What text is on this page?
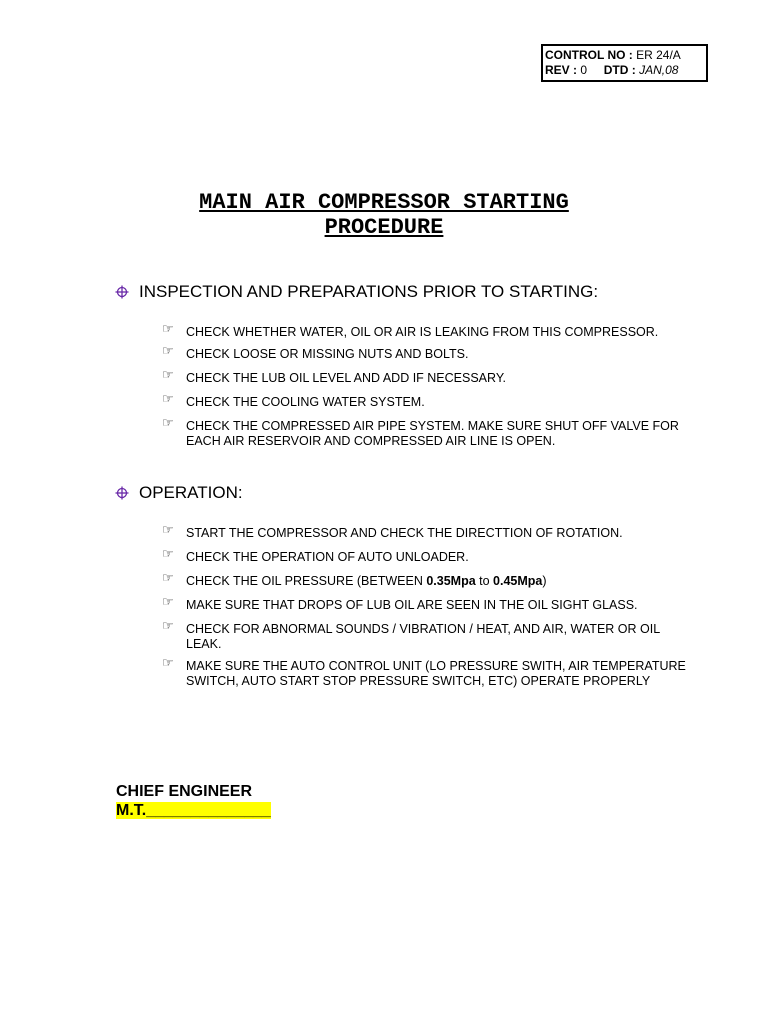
CONTROL NO : ER 24/A
REV : 0 DTD : JAN,08
MAIN AIR COMPRESSOR STARTING
PROCEDURE
INSPECTION AND PREPARATIONS PRIOR TO STARTING:
☞ CHECK WHETHER WATER, OIL OR AIR IS LEAKING FROM THIS COMPRESSOR.
☞ CHECK LOOSE OR MISSING NUTS AND BOLTS.
☞ CHECK THE LUB OIL LEVEL AND ADD IF NECESSARY.
☞ CHECK THE COOLING WATER SYSTEM.
☞ CHECK THE COMPRESSED AIR PIPE SYSTEM. MAKE SURE SHUT OFF VALVE FOR EACH AIR RESERVOIR AND COMPRESSED AIR LINE IS OPEN.
OPERATION:
☞ START THE COMPRESSOR AND CHECK THE DIRECTTION OF ROTATION.
☞ CHECK THE OPERATION OF AUTO UNLOADER.
☞ CHECK THE OIL PRESSURE (BETWEEN 0.35Mpa to 0.45Mpa)
☞ MAKE SURE THAT DROPS OF LUB OIL ARE SEEN IN THE OIL SIGHT GLASS.
☞ CHECK FOR ABNORMAL SOUNDS / VIBRATION / HEAT, AND AIR, WATER OR OIL LEAK.
☞ MAKE SURE THE AUTO CONTROL UNIT (LO PRESSURE SWITH, AIR TEMPERATURE SWITCH, AUTO START STOP PRESSURE SWITCH, ETC) OPERATE PROPERLY
CHIEF ENGINEER
M.T.______________
